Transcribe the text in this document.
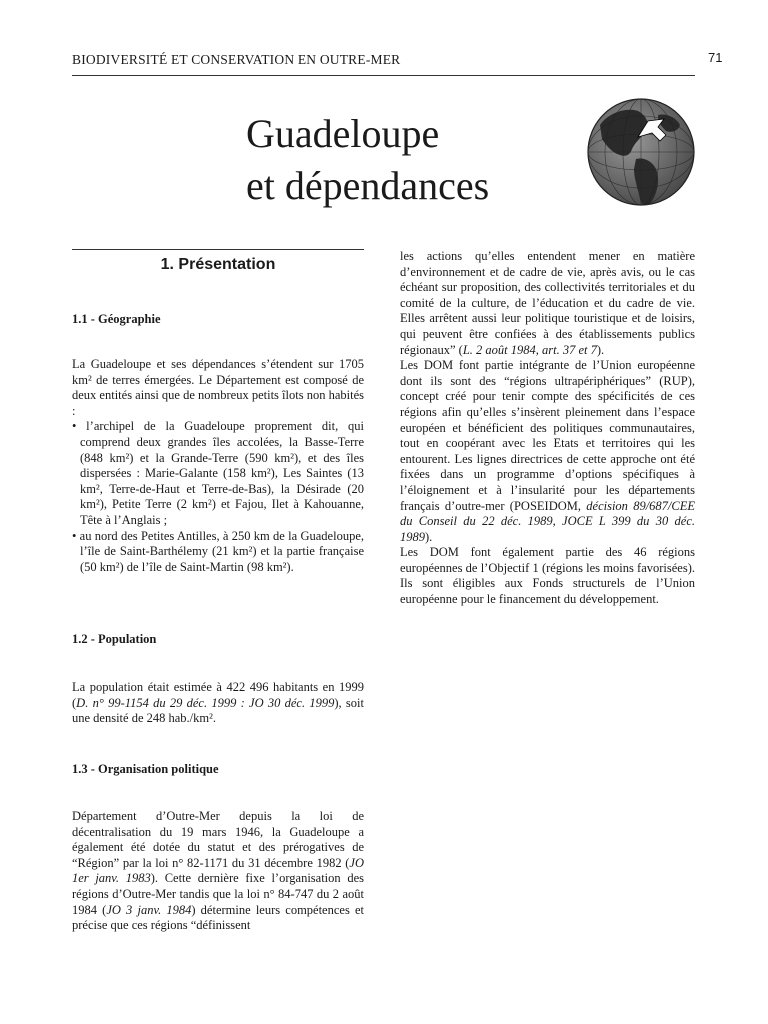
BIODIVERSITÉ ET CONSERVATION EN OUTRE-MER	71
Guadeloupe
et dépendances
1. Présentation
1.1 - Géographie

La Guadeloupe et ses dépendances s’étendent sur 1705 km² de terres émergées. Le Département est composé de deux entités ainsi que de nombreux petits îlots non habités :

• l’archipel de la Guadeloupe proprement dit, qui comprend deux grandes îles accolées, la Basse-Terre (848 km²) et la Grande-Terre (590 km²), et des îles dispersées : Marie-Galante (158 km²), Les Saintes (13 km², Terre-de-Haut et Terre-de-Bas), la Désirade (20 km²), Petite Terre (2 km²) et Fajou, Ilet à Kahouanne, Tête à l’Anglais ;
• au nord des Petites Antilles, à 250 km de la Guadeloupe, l’île de Saint-Barthélemy (21 km²) et la partie française (50 km²) de l’île de Saint-Martin (98 km²).
1.2 - Population

La population était estimée à 422 496 habitants en 1999 (D. n° 99-1154 du 29 déc. 1999 : JO 30 déc. 1999), soit une densité de 248 hab./km².

1.3 - Organisation politique

Département d’Outre-Mer depuis la loi de décentralisation du 19 mars 1946, la Guadeloupe a également été dotée du statut et des prérogatives de “Région” par la loi n° 82-1171 du 31 décembre 1982 (JO 1er janv. 1983). Cette dernière fixe l’organisation des régions d’Outre-Mer tandis que la loi n° 84-747 du 2 août 1984 (JO 3 janv. 1984) détermine leurs compétences et précise que ces régions “définissent

les actions qu’elles entendent mener en matière d’environnement et de cadre de vie, après avis, ou le cas échéant sur proposition, des collectivités territoriales et du comité de la culture, de l’éducation et du cadre de vie. Elles arrêtent aussi leur politique touristique et de loisirs, qui peuvent être confiées à des établissements publics régionaux” (L. 2 août 1984, art. 37 et 7).

Les DOM font partie intégrante de l’Union européenne dont ils sont des “régions ultrapériphériques” (RUP), concept créé pour tenir compte des spécificités de ces régions afin qu’elles s’insèrent pleinement dans l’espace européen et bénéficient des politiques communautaires, tout en coopérant avec les Etats et territoires qui les entourent. Les lignes directrices de cette approche ont été fixées dans un programme d’options spécifiques à l’éloignement et à l’insularité pour les départements français d’outre-mer (POSEIDOM, décision 89/687/CEE du Conseil du 22 déc. 1989, JOCE L 399 du 30 déc. 1989).

Les DOM font également partie des 46 régions européennes de l’Objectif 1 (régions les moins favorisées). Ils sont éligibles aux Fonds structurels de l’Union européenne pour le financement du développement.
